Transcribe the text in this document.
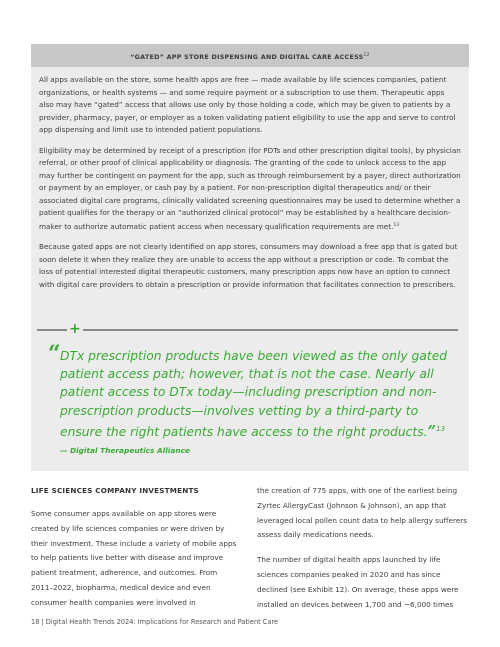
“GATED” APP STORE DISPENSING AND DIGITAL CARE ACCESS$^{12}$

All apps available on the store, some health apps are free — made available by life sciences companies, patient organizations, or health systems — and some require payment or a subscription to use them. Therapeutic apps also may have “gated” access that allows use only by those holding a code, which may be given to patients by a provider, pharmacy, payer, or employer as a token validating patient eligibility to use the app and serve to control app dispensing and limit use to intended patient populations.

Eligibility may be determined by receipt of a prescription (for PDTs and other prescription digital tools), by physician referral, or other proof of clinical applicability or diagnosis. The granting of the code to unlock access to the app may further be contingent on payment for the app, such as through reimbursement by a payer, direct authorization or payment by an employer, or cash pay by a patient. For non-prescription digital therapeutics and/ or their associated digital care programs, clinically validated screening questionnaires may be used to determine whether a patient qualifies for the therapy or an “authorized clinical protocol” may be established by a healthcare decision-maker to authorize automatic patient access when necessary qualification requirements are met.$^{13}$

Because gated apps are not clearly identified on app stores, consumers may download a free app that is gated but soon delete it when they realize they are unable to access the app without a prescription or code. To combat the loss of potential interested digital therapeutic customers, many prescription apps now have an option to connect with digital care providers to obtain a prescription or provide information that facilitates connection to prescribers.

+
“ DTx prescription products have been viewed as the only gated patient access path; however, that is not the case. Nearly all patient access to DTx today—including prescription and non-prescription products—involves vetting by a third-party to ensure the right patients have access to the right products.”$^{13}$
— Digital Therapeutics Alliance
LIFE SCIENCES COMPANY INVESTMENTS

Some consumer apps available on app stores were created by life sciences companies or were driven by their investment. These include a variety of mobile apps to help patients live better with disease and improve patient treatment, adherence, and outcomes. From 2011–2022, biopharma, medical device and even consumer health companies were involved in

the creation of 775 apps, with one of the earliest being Zyrtec AllergyCast (Johnson & Johnson), an app that leveraged local pollen count data to help allergy sufferers assess daily medications needs.

The number of digital health apps launched by life sciences companies peaked in 2020 and has since declined (see Exhibit 12). On average, these apps were installed on devices between 1,700 and ~6,000 times

18 | Digital Health Trends 2024: Implications for Research and Patient Care
